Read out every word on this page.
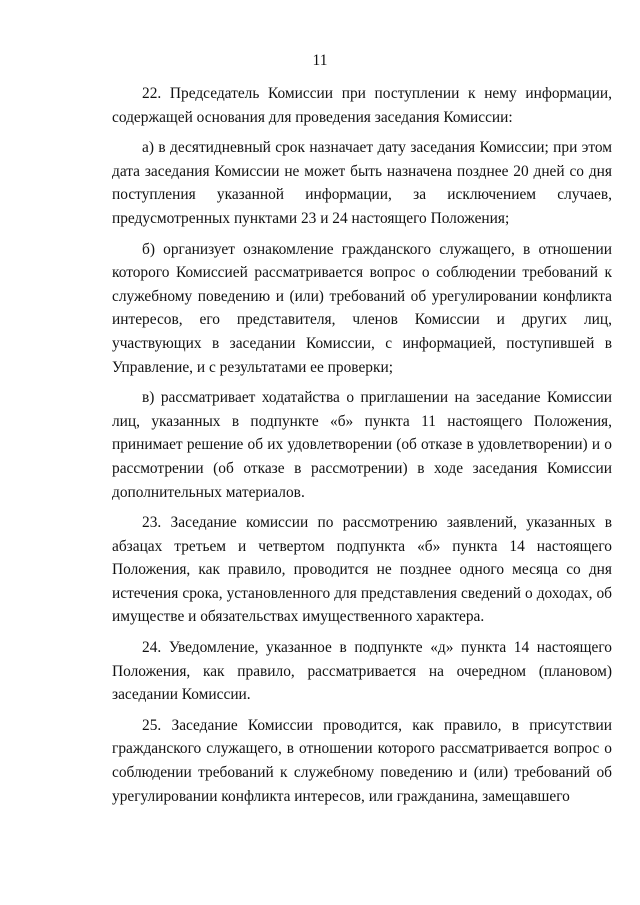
11

22. Председатель Комиссии при поступлении к нему информации, содержащей основания для проведения заседания Комиссии:

а) в десятидневный срок назначает дату заседания Комиссии; при этом дата заседания Комиссии не может быть назначена позднее 20 дней со дня поступления указанной информации, за исключением случаев, предусмотренных пунктами 23 и 24 настоящего Положения;

б) организует ознакомление гражданского служащего, в отношении которого Комиссией рассматривается вопрос о соблюдении требований к служебному поведению и (или) требований об урегулировании конфликта интересов, его представителя, членов Комиссии и других лиц, участвующих в заседании Комиссии, с информацией, поступившей в Управление, и с результатами ее проверки;

в) рассматривает ходатайства о приглашении на заседание Комиссии лиц, указанных в подпункте «б» пункта 11 настоящего Положения, принимает решение об их удовлетворении (об отказе в удовлетворении) и о рассмотрении (об отказе в рассмотрении) в ходе заседания Комиссии дополнительных материалов.

23. Заседание комиссии по рассмотрению заявлений, указанных в абзацах третьем и четвертом подпункта «б» пункта 14 настоящего Положения, как правило, проводится не позднее одного месяца со дня истечения срока, установленного для представления сведений о доходах, об имуществе и обязательствах имущественного характера.

24. Уведомление, указанное в подпункте «д» пункта 14 настоящего Положения, как правило, рассматривается на очередном (плановом) заседании Комиссии.

25. Заседание Комиссии проводится, как правило, в присутствии гражданского служащего, в отношении которого рассматривается вопрос о соблюдении требований к служебному поведению и (или) требований об урегулировании конфликта интересов, или гражданина, замещавшего
